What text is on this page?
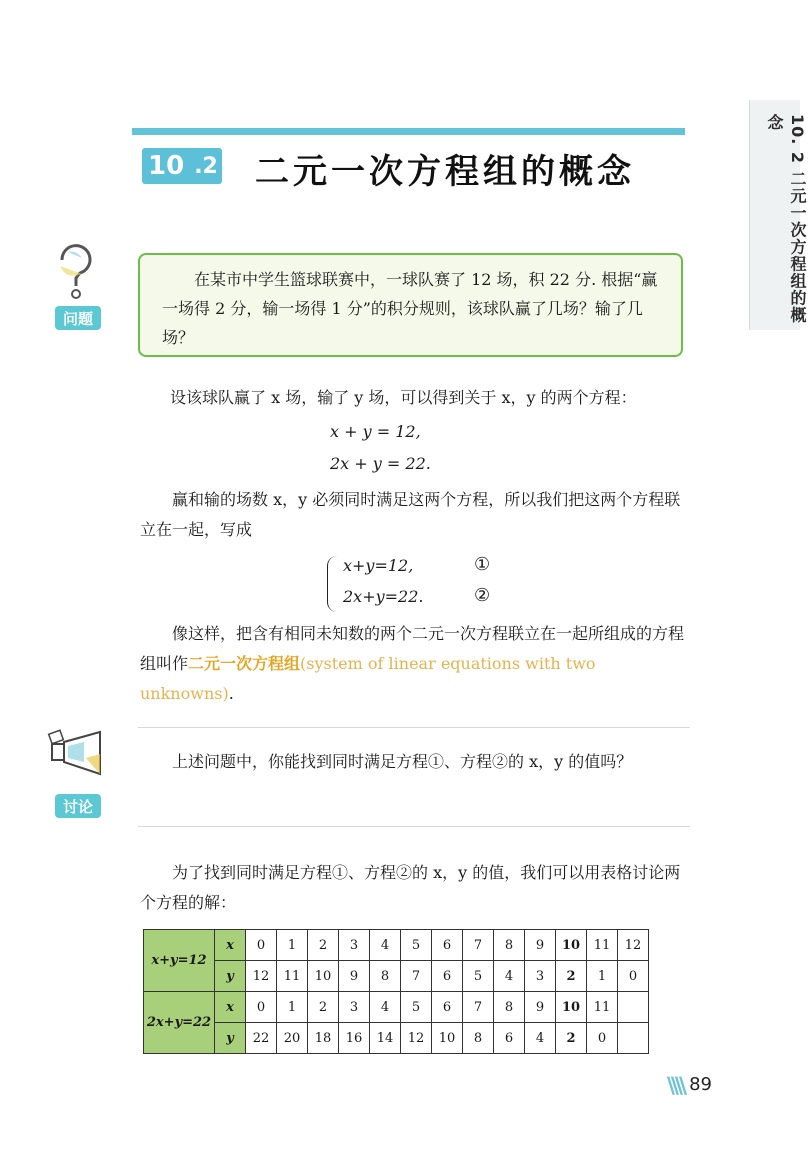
10. 2 二元一次方程组的概念
10 .2 二元一次方程组的概念
问题
在某市中学生篮球联赛中，一球队赛了 12 场，积 22 分. 根据“赢一场得 2 分，输一场得 1 分”的积分规则，该球队赢了几场？输了几场？
设该球队赢了 x 场，输了 y 场，可以得到关于 x，y 的两个方程：
x + y = 12,
2x + y = 22.
赢和输的场数 x，y 必须同时满足这两个方程，所以我们把这两个方程联立在一起，写成
x+y=12,
2x+y=22.
①
②
像这样，把含有相同未知数的两个二元一次方程联立在一起所组成的方程组叫作二元一次方程组(system of linear equations with two unknowns).
讨论
上述问题中，你能找到同时满足方程①、方程②的 x，y 的值吗？
为了找到同时满足方程①、方程②的 x，y 的值，我们可以用表格讨论两个方程的解：
x+y=12	x	0	1	2	3	4	5	6	7	8	9	10	11	12
	y	12	11	10	9	8	7	6	5	4	3	2	1	0
2x+y=22	x	0	1	2	3	4	5	6	7	8	9	10	11	
	y	22	20	18	16	14	12	10	8	6	4	2	0	
\\\\ 89
